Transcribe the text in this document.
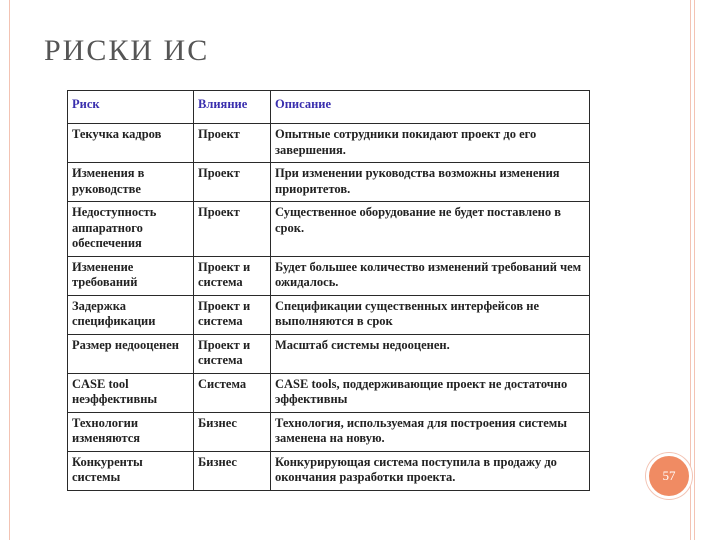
РИСКИ ИС
Риск	Влияние	Описание
Текучка кадров	Проект	Опытные сотрудники покидают проект до его завершения.
Изменения в руководстве	Проект	При изменении руководства возможны изменения приоритетов.
Недоступность аппаратного обеспечения	Проект	Существенное оборудование не будет поставлено в срок.
Изменение требований	Проект и система	Будет большее количество изменений требований чем ожидалось.
Задержка спецификации	Проект и система	Спецификации существенных интерфейсов не выполняются в срок
Размер недооценен	Проект и система	Масштаб системы недооценен.
CASE tool неэффективны	Система	CASE tools, поддерживающие проект не достаточно эффективны
Технологии изменяются	Бизнес	Технология, используемая для построения системы заменена на новую.
Конкуренты системы	Бизнес	Конкурирующая система поступила в продажу до окончания разработки проекта.	57
